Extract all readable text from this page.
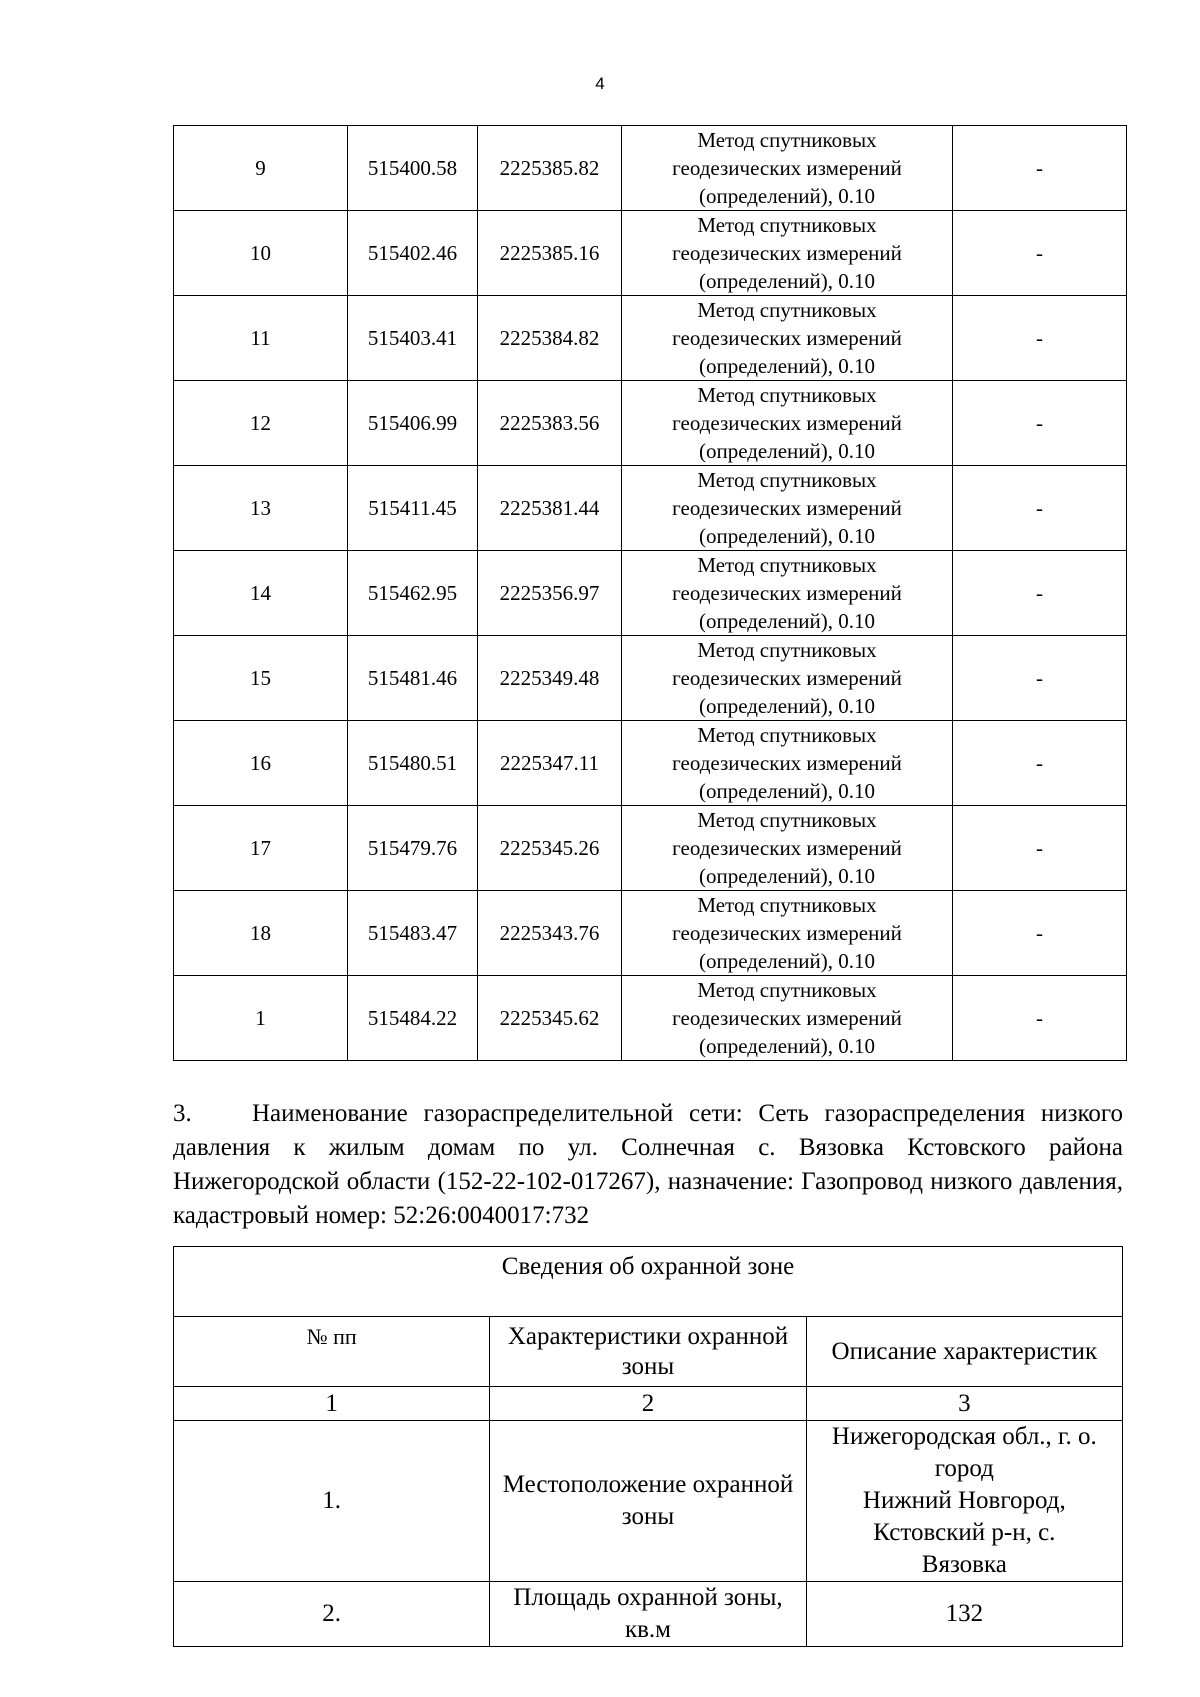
4
9	515400.58	2225385.82	Метод спутниковых
геодезических измерений
(определений), 0.10	-
10	515402.46	2225385.16	Метод спутниковых
геодезических измерений
(определений), 0.10	-
11	515403.41	2225384.82	Метод спутниковых
геодезических измерений
(определений), 0.10	-
12	515406.99	2225383.56	Метод спутниковых
геодезических измерений
(определений), 0.10	-
13	515411.45	2225381.44	Метод спутниковых
геодезических измерений
(определений), 0.10	-
14	515462.95	2225356.97	Метод спутниковых
геодезических измерений
(определений), 0.10	-
15	515481.46	2225349.48	Метод спутниковых
геодезических измерений
(определений), 0.10	-
16	515480.51	2225347.11	Метод спутниковых
геодезических измерений
(определений), 0.10	-
17	515479.76	2225345.26	Метод спутниковых
геодезических измерений
(определений), 0.10	-
18	515483.47	2225343.76	Метод спутниковых
геодезических измерений
(определений), 0.10	-
1	515484.22	2225345.62	Метод спутниковых
геодезических измерений
(определений), 0.10	-
3. Наименование газораспределительной сети: Сеть газораспределения низкого давления к жилым домам по ул. Солнечная с. Вязовка Кстовского района Нижегородской области (152-22-102-017267), назначение: Газопровод низкого давления, кадастровый номер: 52:26:0040017:732
Сведения об охранной зоне		
№ пп	Характеристики охранной
зоны	Описание характеристик
1	2	3
1.	Местоположение охранной
зоны	Нижегородская обл., г. о. город
Нижний Новгород, Кстовский р-н, с.
Вязовка
2.	Площадь охранной зоны, кв.м	132
